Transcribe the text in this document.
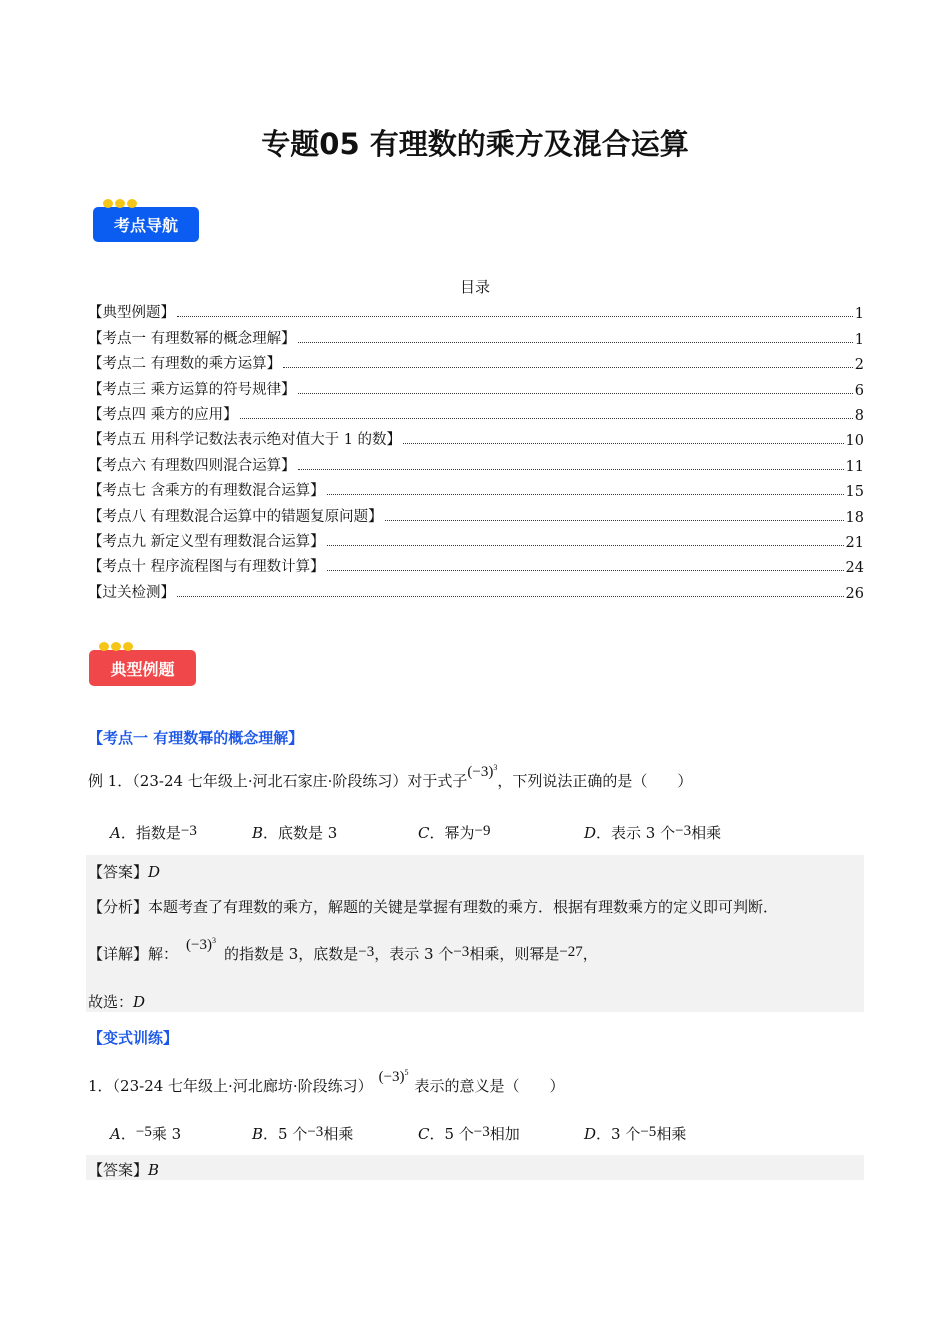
专题05 有理数的乘方及混合运算
考点导航
目录
【典型例题】	1
【考点一 有理数幂的概念理解】	1
【考点二 有理数的乘方运算】	2
【考点三 乘方运算的符号规律】	6
【考点四 乘方的应用】	8
【考点五 用科学记数法表示绝对值大于 1 的数】	10
【考点六 有理数四则混合运算】	11
【考点七 含乘方的有理数混合运算】	15
【考点八 有理数混合运算中的错题复原问题】	18
【考点九 新定义型有理数混合运算】	21
【考点十 程序流程图与有理数计算】	24
【过关检测】	26
典型例题
【考点一 有理数幂的概念理解】
例 1．（23-24 七年级上·河北石家庄·阶段练习）对于式子$(-3)^3$，下列说法正确的是（　　）
A．指数是−3	B．底数是 3	C．幂为−9	D．表示 3 个−3相乘
【答案】D
【分析】本题考查了有理数的乘方，解题的关键是掌握有理数的乘方．根据有理数乘方的定义即可判断．
【详解】解： $(-3)^3$的指数是 3，底数是−3，表示 3 个−3相乘，则幂是−27，
故选：D
【变式训练】
1．（23-24 七年级上·河北廊坊·阶段练习） $(-3)^5$表示的意义是（　　）
A．−5乘 3	B．5 个−3相乘	C．5 个−3相加	D．3 个−5相乘
【答案】B
